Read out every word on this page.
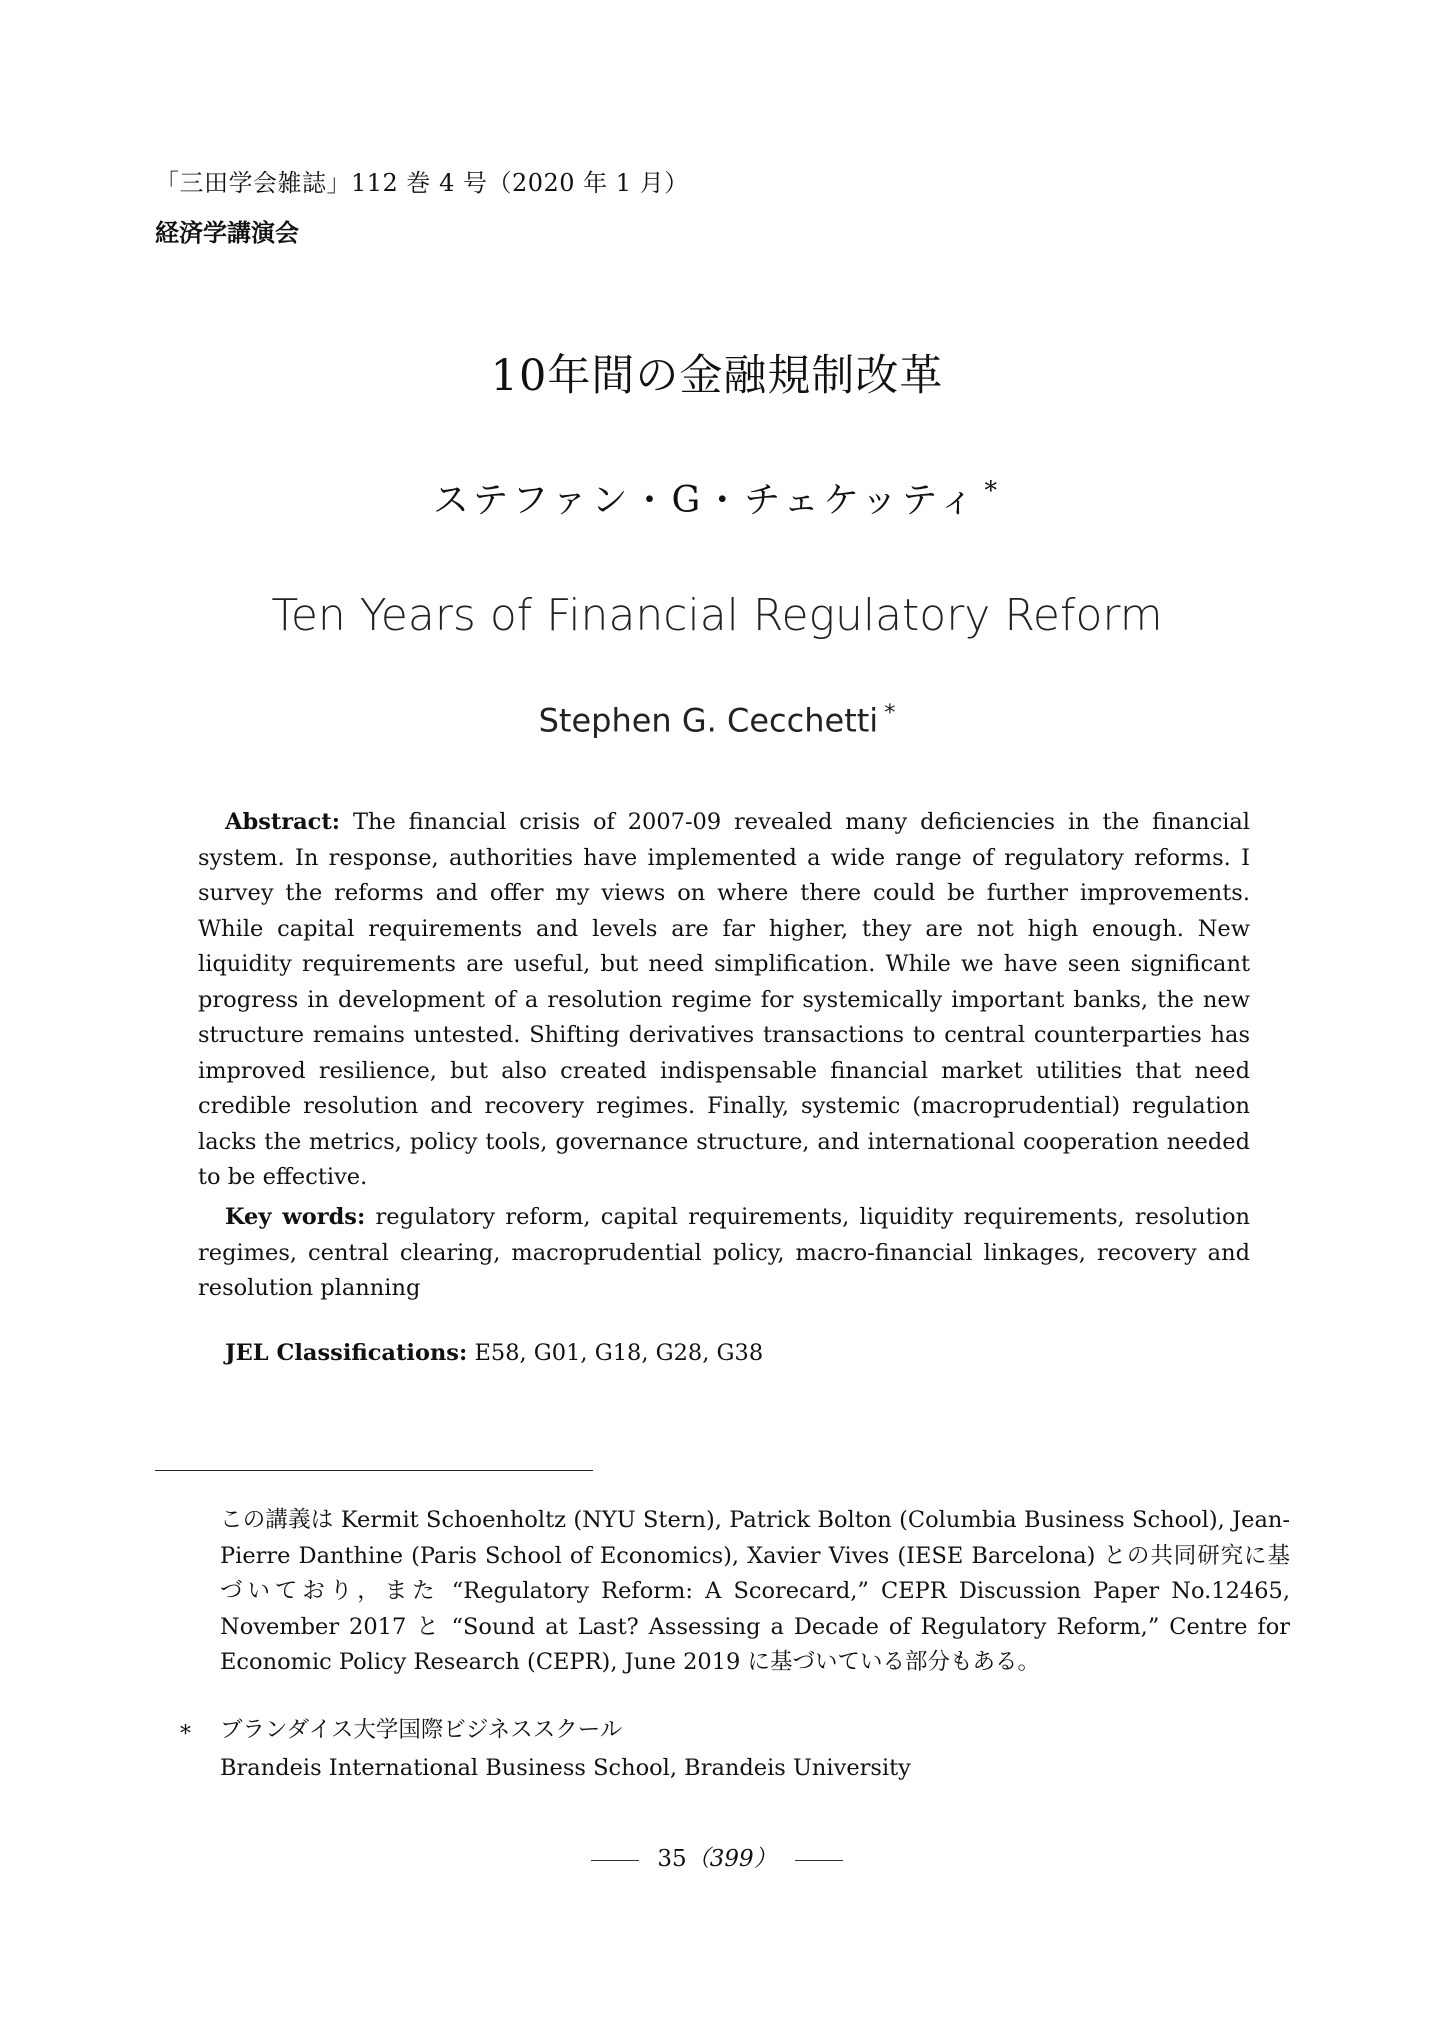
「三田学会雑誌」112 巻 4 号（2020 年 1 月）
経済学講演会
10年間の金融規制改革
ステファン・G・チェケッティ *
Ten Years of Financial Regulatory Reform
Stephen G. Cecchetti *
Abstract: The financial crisis of 2007-09 revealed many deficiencies in the financial system. In response, authorities have implemented a wide range of regulatory reforms. I survey the reforms and offer my views on where there could be further improvements. While capital requirements and levels are far higher, they are not high enough. New liquidity requirements are useful, but need simplification. While we have seen significant progress in development of a resolution regime for systemically important banks, the new structure remains untested. Shifting derivatives transactions to central counterparties has improved resilience, but also created indispensable financial market utilities that need credible resolution and recovery regimes. Finally, systemic (macroprudential) regulation lacks the metrics, policy tools, governance structure, and international cooperation needed to be effective.
Key words: regulatory reform, capital requirements, liquidity requirements, resolution regimes, central clearing, macroprudential policy, macro-financial linkages, recovery and resolution planning
JEL Classifications: E58, G01, G18, G28, G38
この講義は Kermit Schoenholtz (NYU Stern), Patrick Bolton (Columbia Business School), Jean-Pierre Danthine (Paris School of Economics), Xavier Vives (IESE Barcelona) との共同研究に基づいており，また “Regulatory Reform: A Scorecard,” CEPR Discussion Paper No.12465, November 2017 と “Sound at Last? Assessing a Decade of Regulatory Reform,” Centre for Economic Policy Research (CEPR), June 2019 に基づいている部分もある。
* ブランダイス大学国際ビジネススクール
Brandeis International Business School, Brandeis University
35（399）
